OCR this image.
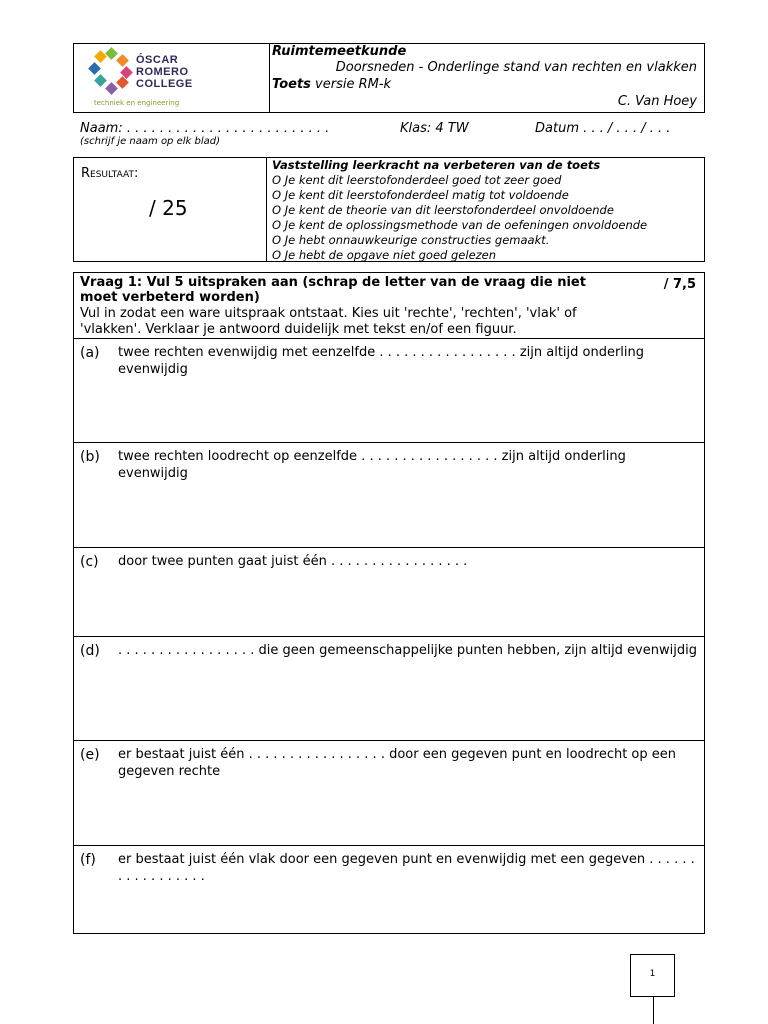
ÓSCAR
ROMERO
COLLEGE
techniek en engineering
Ruimtemeetkunde
Doorsneden - Onderlinge stand van rechten en vlakken
Toets versie RM-k
C. Van Hoey
Naam: . . . . . . . . . . . . . . . . . . . . . . . . .	Klas: 4 TW	Datum . . . / . . . / . . .
(schrijf je naam op elk blad)
Resultaat:
/ 25
Vaststelling leerkracht na verbeteren van de toets
O Je kent dit leerstofonderdeel goed tot zeer goed
O Je kent dit leerstofonderdeel matig tot voldoende
O Je kent de theorie van dit leerstofonderdeel onvoldoende
O Je kent de oplossingsmethode van de oefeningen onvoldoende
O Je hebt onnauwkeurige constructies gemaakt.
O Je hebt de opgave niet goed gelezen
Vraag 1: Vul 5 uitspraken aan (schrap de letter van de vraag die niet moet verbeterd worden)
/ 7,5
Vul in zodat een ware uitspraak ontstaat. Kies uit 'rechte', 'rechten', 'vlak' of 'vlakken'. Verklaar je antwoord duidelijk met tekst en/of een figuur.
(a) twee rechten evenwijdig met eenzelfde . . . . . . . . . . . . . . . . . zijn altijd onderling evenwijdig
(b) twee rechten loodrecht op eenzelfde . . . . . . . . . . . . . . . . . zijn altijd onderling evenwijdig
(c) door twee punten gaat juist één . . . . . . . . . . . . . . . . .
(d) . . . . . . . . . . . . . . . . . die geen gemeenschappelijke punten hebben, zijn altijd evenwijdig
(e) er bestaat juist één . . . . . . . . . . . . . . . . . door een gegeven punt en loodrecht op een gegeven rechte
(f) er bestaat juist één vlak door een gegeven punt en evenwijdig met een gegeven . . . . . . . . . . . . . . . . .
1
